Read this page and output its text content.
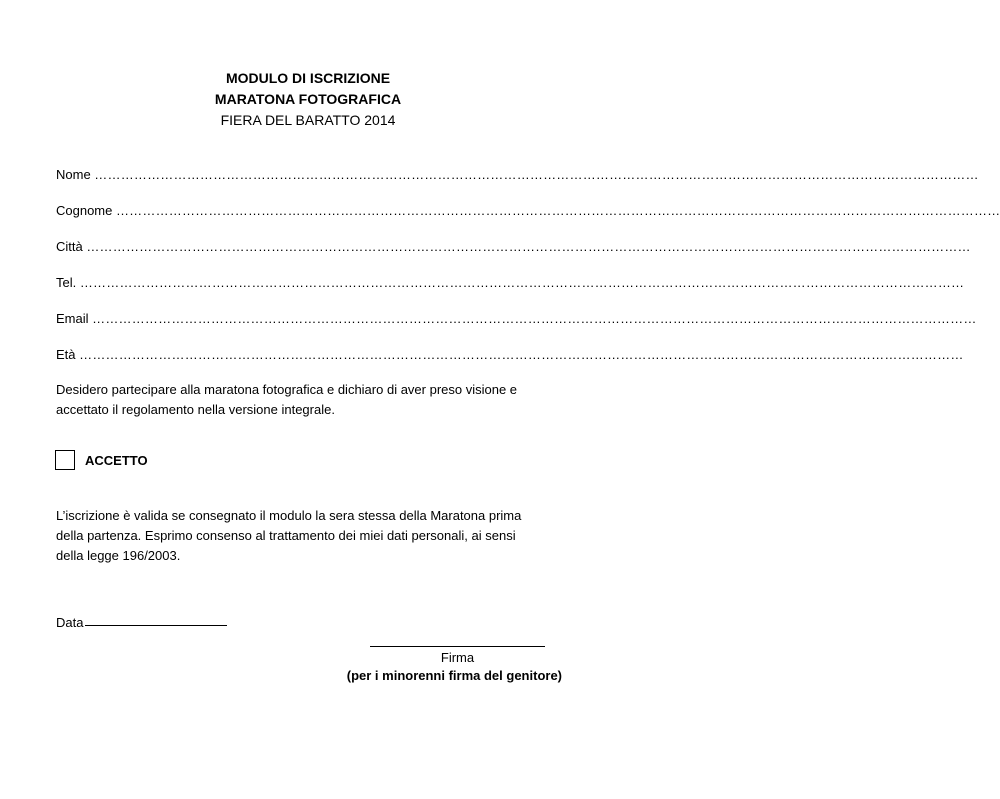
MODULO DI ISCRIZIONE
MARATONA FOTOGRAFICA
FIERA DEL BARATTO 2014
Nome …………………………………………………………………………………………………………………………………………………………………………………
Cognome …………………………………………………………………………………………………………………………………………………………………………………
Città …………………………………………………………………………………………………………………………………………………………………………………
Tel. …………………………………………………………………………………………………………………………………………………………………………………
Email …………………………………………………………………………………………………………………………………………………………………………………
Età …………………………………………………………………………………………………………………………………………………………………………………
Desidero partecipare alla maratona fotografica e dichiaro di aver preso visione e accettato il regolamento nella versione integrale.
ACCETTO
L’iscrizione è valida se consegnato il modulo la sera stessa della Maratona prima della partenza. Esprimo consenso al trattamento dei miei dati personali, ai sensi della legge 196/2003.
Data
Firma
(per i minorenni firma del genitore)
